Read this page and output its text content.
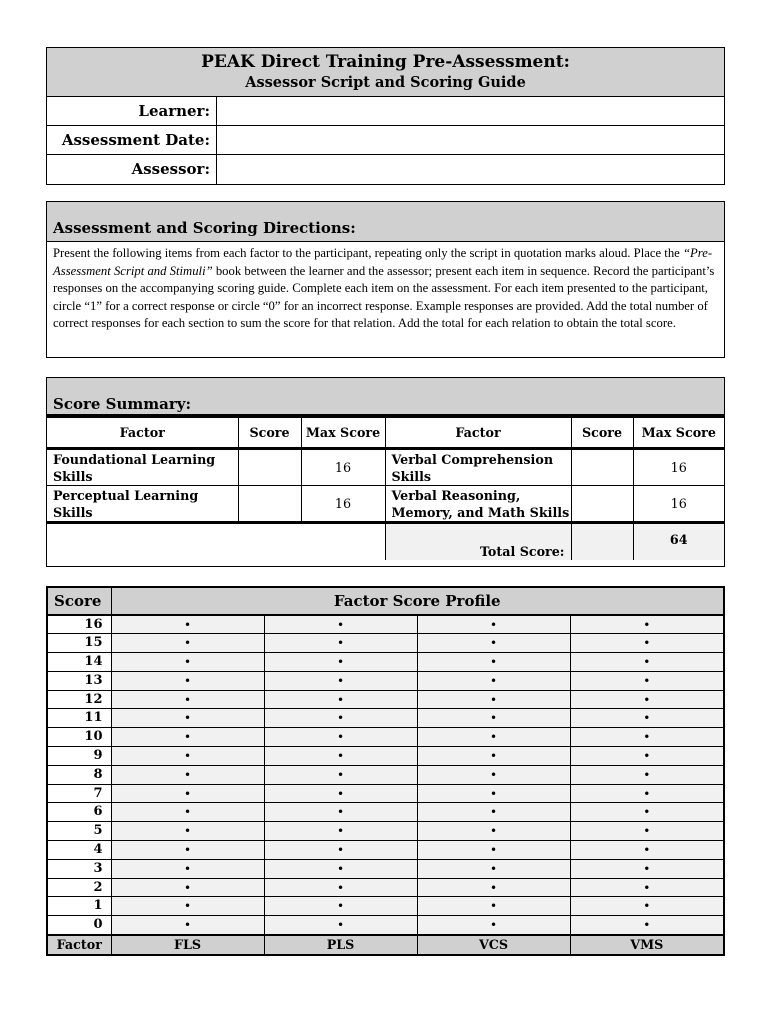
PEAK Direct Training Pre-Assessment:
Assessor Script and Scoring Guide
Learner:
Assessment Date:
Assessor:
Assessment and Scoring Directions:
Present the following items from each factor to the participant, repeating only the script in quotation marks aloud. Place the “Pre-Assessment Script and Stimuli” book between the learner and the assessor; present each item in sequence. Record the participant’s responses on the accompanying scoring guide. Complete each item on the assessment. For each item presented to the participant, circle “1” for a correct response or circle “0” for an incorrect response. Example responses are provided. Add the total number of correct responses for each section to sum the score for that relation. Add the total for each relation to obtain the total score.
Score Summary:
Factor	Score	Max Score	Factor	Score	Max Score
Foundational Learning Skills		16	Verbal Comprehension Skills		16
Perceptual Learning Skills		16	Verbal Reasoning, Memory, and Math Skills		16
			Total Score:		64
Score	Factor Score Profile			
16	•	•	•	•
15	•	•	•	•
14	•	•	•	•
13	•	•	•	•
12	•	•	•	•
11	•	•	•	•
10	•	•	•	•
9	•	•	•	•
8	•	•	•	•
7	•	•	•	•
6	•	•	•	•
5	•	•	•	•
4	•	•	•	•
3	•	•	•	•
2	•	•	•	•
1	•	•	•	•
0	•	•	•	•
Factor	FLS	PLS	VCS	VMS
